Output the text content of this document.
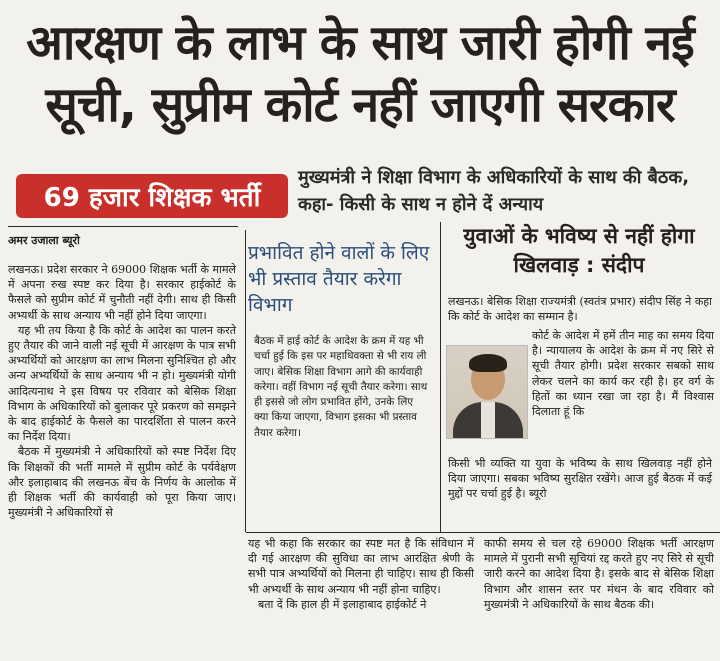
आरक्षण के लाभ के साथ जारी होगी नई
सूची, सुप्रीम कोर्ट नहीं जाएगी सरकार
69 हजार शिक्षक भर्ती
मुख्यमंत्री ने शिक्षा विभाग के अधिकारियों के साथ की बैठक, कहा- किसी के साथ न होने दें अन्याय
अमर उजाला ब्यूरो

लखनऊ। प्रदेश सरकार ने 69000 शिक्षक भर्ती के मामले में अपना रुख स्पष्ट कर दिया है। सरकार हाईकोर्ट के फैसले को सुप्रीम कोर्ट में चुनौती नहीं देगी। साथ ही किसी अभ्यर्थी के साथ अन्याय भी नहीं होने दिया जाएगा।

यह भी तय किया है कि कोर्ट के आदेश का पालन करते हुए तैयार की जाने वाली नई सूची में आरक्षण के पात्र सभी अभ्यर्थियों को आरक्षण का लाभ मिलना सुनिश्चित हो और अन्य अभ्यर्थियों के साथ अन्याय भी न हो। मुख्यमंत्री योगी आदित्यनाथ ने इस विषय पर रविवार को बेसिक शिक्षा विभाग के अधिकारियों को बुलाकर पूरे प्रकरण को समझने के बाद हाईकोर्ट के फैसले का पारदर्शिता से पालन करने का निर्देश दिया।

बैठक में मुख्यमंत्री ने अधिकारियों को स्पष्ट निर्देश दिए कि शिक्षकों की भर्ती मामले में सुप्रीम कोर्ट के पर्यवेक्षण और इलाहाबाद की लखनऊ बेंच के निर्णय के आलोक में ही शिक्षक भर्ती की कार्यवाही को पूरा किया जाए। मुख्यमंत्री ने अधिकारियों से

प्रभावित होने वालों के लिए भी प्रस्ताव तैयार करेगा विभाग
बैठक में हाई कोर्ट के आदेश के क्रम में यह भी चर्चा हुई कि इस पर महाधिवक्ता से भी राय ली जाए। बेसिक शिक्षा विभाग आगे की कार्यवाही करेगा। वहीं विभाग नई सूची तैयार करेगा। साथ ही इससे जो लोग प्रभावित होंगे, उनके लिए क्या किया जाएगा, विभाग इसका भी प्रस्ताव तैयार करेगा।
युवाओं के भविष्य से नहीं होगा खिलवाड़ : संदीप
लखनऊ। बेसिक शिक्षा राज्यमंत्री (स्वतंत्र प्रभार) संदीप सिंह ने कहा कि कोर्ट के आदेश का सम्मान है।
कोर्ट के आदेश में हमें तीन माह का समय दिया है। न्यायालय के आदेश के क्रम में नए सिरे से सूची तैयार होगी। प्रदेश सरकार सबको साथ लेकर चलने का कार्य कर रही है। हर वर्ग के हितों का ध्यान रखा जा रहा है। मैं विश्वास दिलाता हूं कि
किसी भी व्यक्ति या युवा के भविष्य के साथ खिलवाड़ नहीं होने दिया जाएगा। सबका भविष्य सुरक्षित रखेंगे। आज हुई बैठक में कई मुद्दों पर चर्चा हुई है। ब्यूरो

यह भी कहा कि सरकार का स्पष्ट मत है कि संविधान में दी गई आरक्षण की सुविधा का लाभ आरक्षित श्रेणी के सभी पात्र अभ्यर्थियों को मिलना ही चाहिए। साथ ही किसी भी अभ्यर्थी के साथ अन्याय भी नहीं होना चाहिए।

बता दें कि हाल ही में इलाहाबाद हाईकोर्ट ने

काफी समय से चल रहे 69000 शिक्षक भर्ती आरक्षण मामले में पुरानी सभी सूचियां रद्द करते हुए नए सिरे से सूची जारी करने का आदेश दिया है। इसके बाद से बेसिक शिक्षा विभाग और शासन स्तर पर मंथन के बाद रविवार को मुख्यमंत्री ने अधिकारियों के साथ बैठक की।
